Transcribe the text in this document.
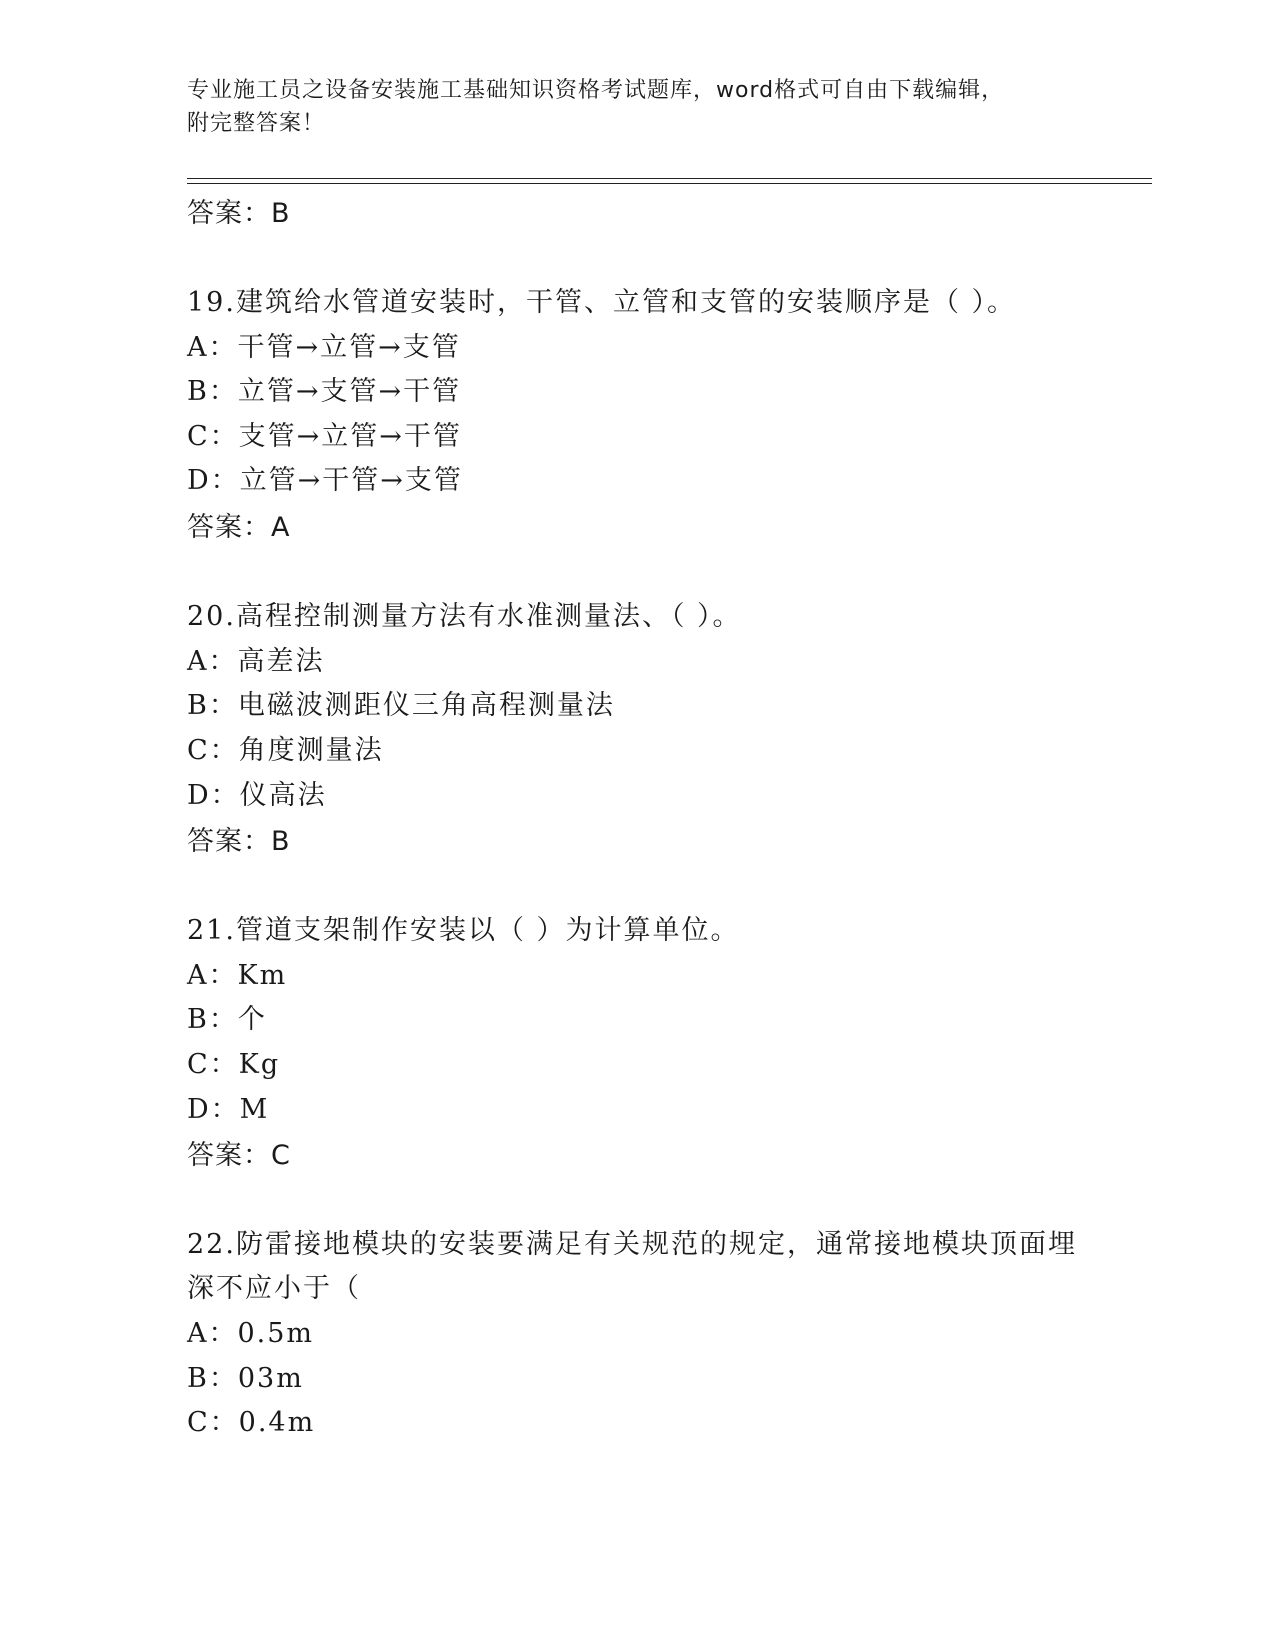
专业施工员之设备安装施工基础知识资格考试题库，word格式可自由下载编辑，
附完整答案！
答案：B
19.建筑给水管道安装时，干管、立管和支管的安装顺序是（ ）。
A：干管→立管→支管
B：立管→支管→干管
C：支管→立管→干管
D：立管→干管→支管
答案：A
20.高程控制测量方法有水准测量法、（ ）。
A：高差法
B：电磁波测距仪三角高程测量法
C：角度测量法
D：仪高法
答案：B
21.管道支架制作安装以（ ）为计算单位。
A：Km
B：个
C：Kg
D：M
答案：C
22.防雷接地模块的安装要满足有关规范的规定，通常接地模块顶面埋
深不应小于（
A：0.5m
B：03m
C：0.4m
